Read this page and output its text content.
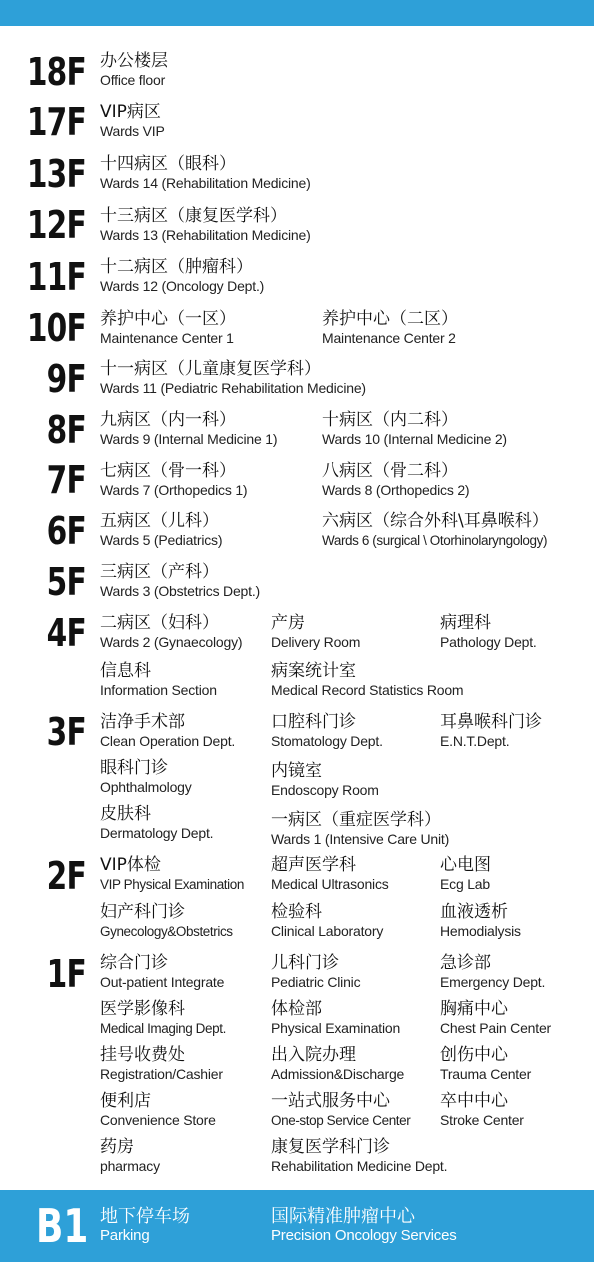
18F 办公楼层
Office floor
17F VIP病区
Wards VIP
13F 十四病区（眼科）
Wards 14 (Rehabilitation Medicine)
12F 十三病区（康复医学科）
Wards 13 (Rehabilitation Medicine)
11F 十二病区（肿瘤科）
Wards 12 (Oncology Dept.)
10F 养护中心（一区）
Maintenance Center 1
养护中心（二区）
Maintenance Center 2
9F 十一病区（儿童康复医学科）
Wards 11 (Pediatric Rehabilitation Medicine)
8F 九病区（内一科）
Wards 9 (Internal Medicine 1)
十病区（内二科）
Wards 10 (Internal Medicine 2)
7F 七病区（骨一科）
Wards 7 (Orthopedics 1)
八病区（骨二科）
Wards 8 (Orthopedics 2)
6F 五病区（儿科）
Wards 5 (Pediatrics)
六病区（综合外科\耳鼻喉科）
Wards 6 (surgical \ Otorhinolaryngology)
5F 三病区（产科）
Wards 3 (Obstetrics Dept.)
4F 二病区（妇科）
Wards 2 (Gynaecology)
产房
Delivery Room
病理科
Pathology Dept.
信息科
Information Section
病案统计室
Medical Record Statistics Room
3F 洁净手术部
Clean Operation Dept.
口腔科门诊
Stomatology Dept.
耳鼻喉科门诊
E.N.T.Dept.
眼科门诊
Ophthalmology
内镜室
Endoscopy Room
皮肤科
Dermatology Dept.
一病区（重症医学科）
Wards 1 (Intensive Care Unit)
2F VIP体检
VIP Physical Examination
超声医学科
Medical Ultrasonics
心电图
Ecg Lab
妇产科门诊
Gynecology&Obstetrics
检验科
Clinical Laboratory
血液透析
Hemodialysis
1F 综合门诊
Out-patient Integrate
儿科门诊
Pediatric Clinic
急诊部
Emergency Dept.
医学影像科
Medical Imaging Dept.
体检部
Physical Examination
胸痛中心
Chest Pain Center
挂号收费处
Registration/Cashier
出入院办理
Admission&Discharge
创伤中心
Trauma Center
便利店
Convenience Store
一站式服务中心
One-stop Service Center
卒中中心
Stroke Center
药房
pharmacy
康复医学科门诊
Rehabilitation Medicine Dept.
B1 地下停车场
Parking
国际精准肿瘤中心
Precision Oncology Services
